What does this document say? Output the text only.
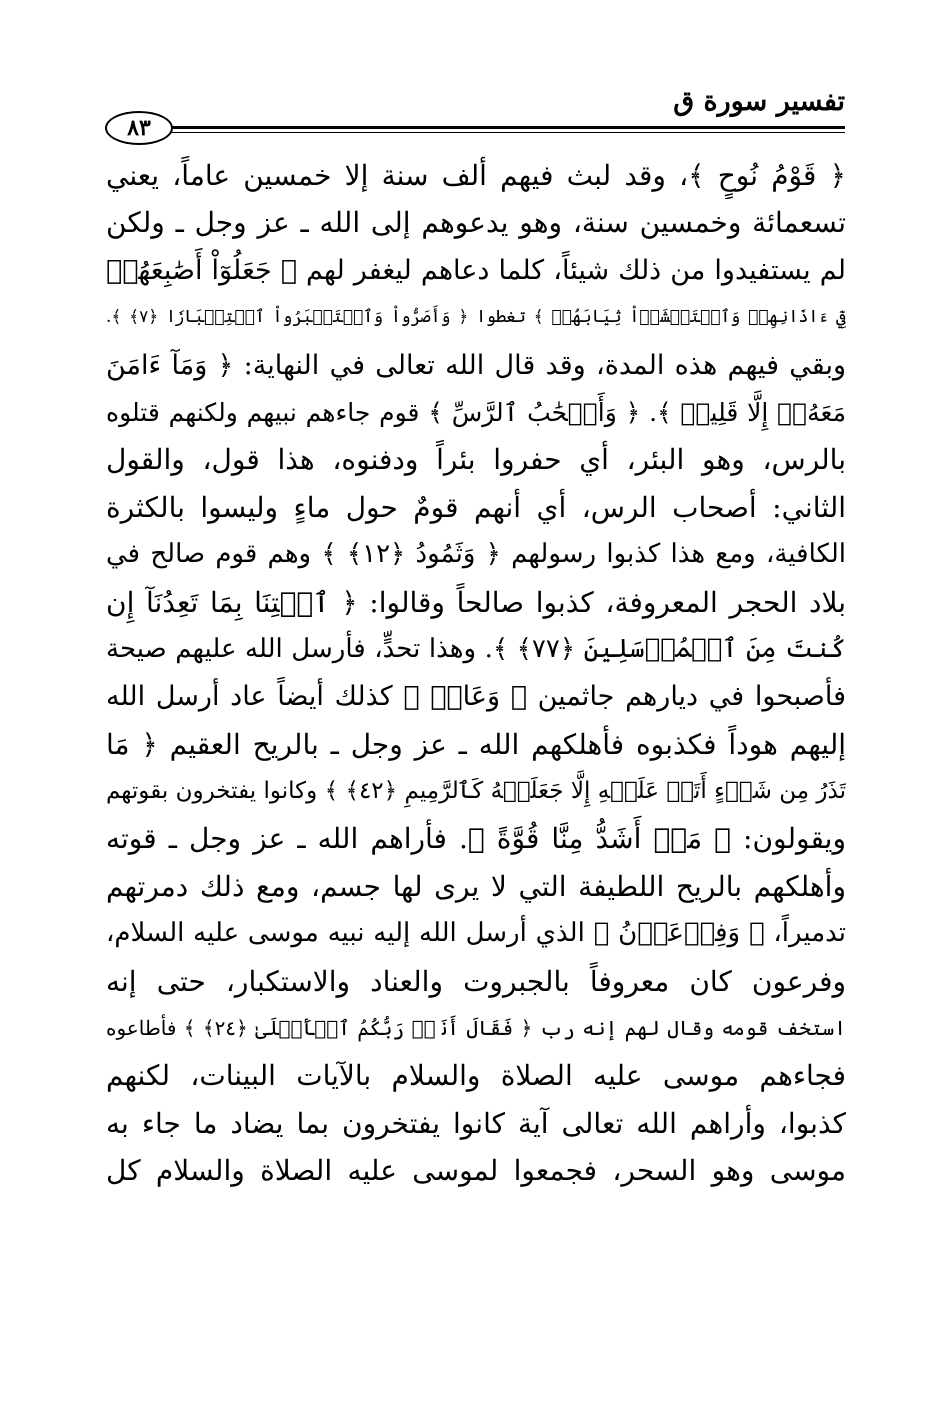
تفسير سورة ق
٨٣
﴿ قَوْمُ نُوحٍ ﴾، وقد لبث فيهم ألف سنة إلا خمسين عاماً، يعني
تسعمائة وخمسين سنة، وهو يدعوهم إلى الله ـ عز وجل ـ ولكن
لم يستفيدوا من ذلك شيئاً، كلما دعاهم ليغفر لهم ﴿ جَعَلُوٓاْ أَصَٰبِعَهُمۡ
فِيٓ ءَاذَانِهِمۡ وَٱسۡتَغۡشَوۡاْ ثِيَابَهُمۡ ﴾ تغطوا ﴿ وَأَصَرُّواْ وَٱسۡتَكۡبَرُواْ ٱسۡتِكۡبَارٗا ﴿٧﴾ ﴾.
وبقي فيهم هذه المدة، وقد قال الله تعالى في النهاية: ﴿ وَمَآ ءَامَنَ
مَعَهُۥٓ إِلَّا قَلِيلٞ ﴾. ﴿ وَأَصۡحَٰبُ ٱلرَّسِّ ﴾ قوم جاءهم نبيهم ولكنهم قتلوه
بالرس، وهو البئر، أي حفروا بئراً ودفنوه، هذا قول، والقول
الثاني: أصحاب الرس، أي أنهم قومٌ حول ماءٍ وليسوا بالكثرة
الكافية، ومع هذا كذبوا رسولهم ﴿ وَثَمُودُ ﴿١٢﴾ ﴾ وهم قوم صالح في
بلاد الحجر المعروفة، كذبوا صالحاً وقالوا: ﴿ ٱئۡتِنَا بِمَا تَعِدُنَآ إِن
كُنتَ مِنَ ٱلۡمُرۡسَلِينَ ﴿٧٧﴾ ﴾. وهذا تحدٍّ، فأرسل الله عليهم صيحة
فأصبحوا في ديارهم جاثمين ﴿ وَعَادٞ ﴾ كذلك أيضاً عاد أرسل الله
إليهم هوداً فكذبوه فأهلكهم الله ـ عز وجل ـ بالريح العقيم ﴿ مَا
تَذَرُ مِن شَيۡءٍ أَتَتۡ عَلَيۡهِ إِلَّا جَعَلَتۡهُ كَٱلرَّمِيمِ ﴿٤٢﴾ ﴾ وكانوا يفتخرون بقوتهم
ويقولون: ﴿ مَنۡ أَشَدُّ مِنَّا قُوَّةً ﴾. فأراهم الله ـ عز وجل ـ قوته
وأهلكهم بالريح اللطيفة التي لا يرى لها جسم، ومع ذلك دمرتهم
تدميراً، ﴿ وَفِرۡعَوۡنُ ﴾ الذي أرسل الله إليه نبيه موسى عليه السلام،
وفرعون كان معروفاً بالجبروت والعناد والاستكبار، حتى إنه
استخف قومه وقال لهم إنه رب ﴿ فَقَالَ أَنَا۠ رَبُّكُمُ ٱلۡأَعۡلَىٰ ﴿٢٤﴾ ﴾ فأطاعوه
فجاءهم موسى عليه الصلاة والسلام بالآيات البينات، لكنهم
كذبوا، وأراهم الله تعالى آية كانوا يفتخرون بما يضاد ما جاء به
موسى وهو السحر، فجمعوا لموسى عليه الصلاة والسلام كل
